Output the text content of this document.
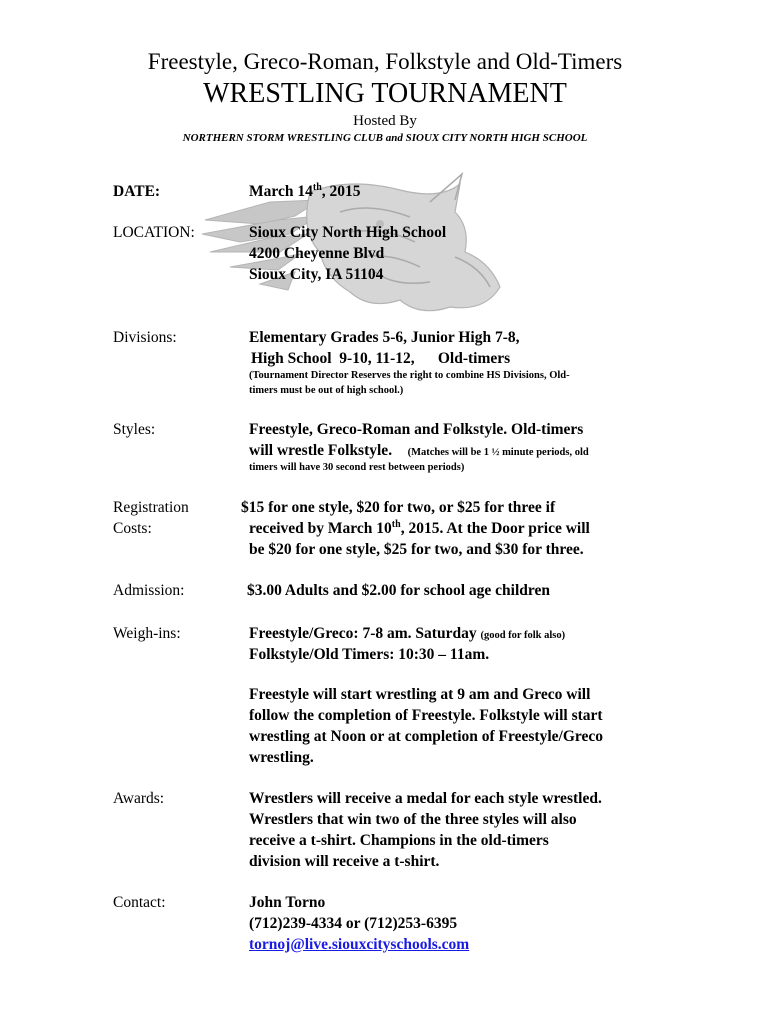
Freestyle, Greco-Roman, Folkstyle and Old-Timers
WRESTLING TOURNAMENT
Hosted By
NORTHERN STORM WRESTLING CLUB and SIOUX CITY NORTH HIGH SCHOOL
DATE:	March 14th, 2015
LOCATION:	Sioux City North High School
4200 Cheyenne Blvd
Sioux City, IA 51104
Divisions:	Elementary Grades 5-6, Junior High 7-8,
High School  9-10, 11-12,      Old-timers
(Tournament Director Reserves the right to combine HS Divisions, Old-
timers must be out of high school.)
Styles:	Freestyle, Greco-Roman and Folkstyle. Old-timers
will wrestle Folkstyle. (Matches will be 1 ½ minute periods, old
timers will have 30 second rest between periods)
Registration
Costs:
$15 for one style, $20 for two, or $25 for three if
received by March 10th, 2015. At the Door price will
be $20 for one style, $25 for two, and $30 for three.
Admission:	$3.00 Adults and $2.00 for school age children
Weigh-ins:	Freestyle/Greco: 7-8 am. Saturday (good for folk also)
Folkstyle/Old Timers: 10:30 – 11am.
Freestyle will start wrestling at 9 am and Greco will
follow the completion of Freestyle. Folkstyle will start
wrestling at Noon or at completion of Freestyle/Greco
wrestling.
Awards:	Wrestlers will receive a medal for each style wrestled.
Wrestlers that win two of the three styles will also
receive a t-shirt. Champions in the old-timers
division will receive a t-shirt.
Contact:	John Torno
(712)239-4334 or (712)253-6395
tornoj@live.siouxcityschools.com
